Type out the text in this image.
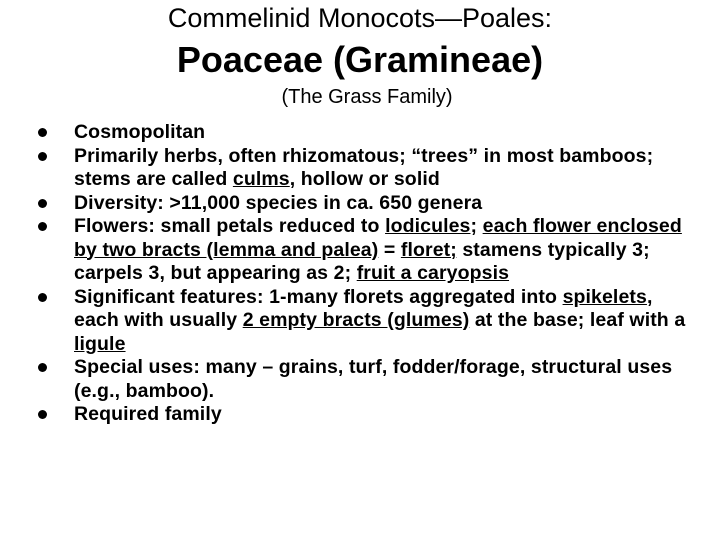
Commelinid Monocots—Poales:
Poaceae (Gramineae)
(The Grass Family)
Cosmopolitan
Primarily herbs, often rhizomatous; “trees” in most bamboos; stems are called culms, hollow or solid
Diversity: >11,000 species in ca. 650 genera
Flowers: small petals reduced to lodicules; each flower enclosed by two bracts (lemma and palea) = floret; stamens typically 3; carpels 3, but appearing as 2; fruit a caryopsis
Significant features: 1-many florets aggregated into spikelets, each with usually 2 empty bracts (glumes) at the base; leaf with a ligule
Special uses: many – grains, turf, fodder/forage, structural uses (e.g., bamboo).
Required family
